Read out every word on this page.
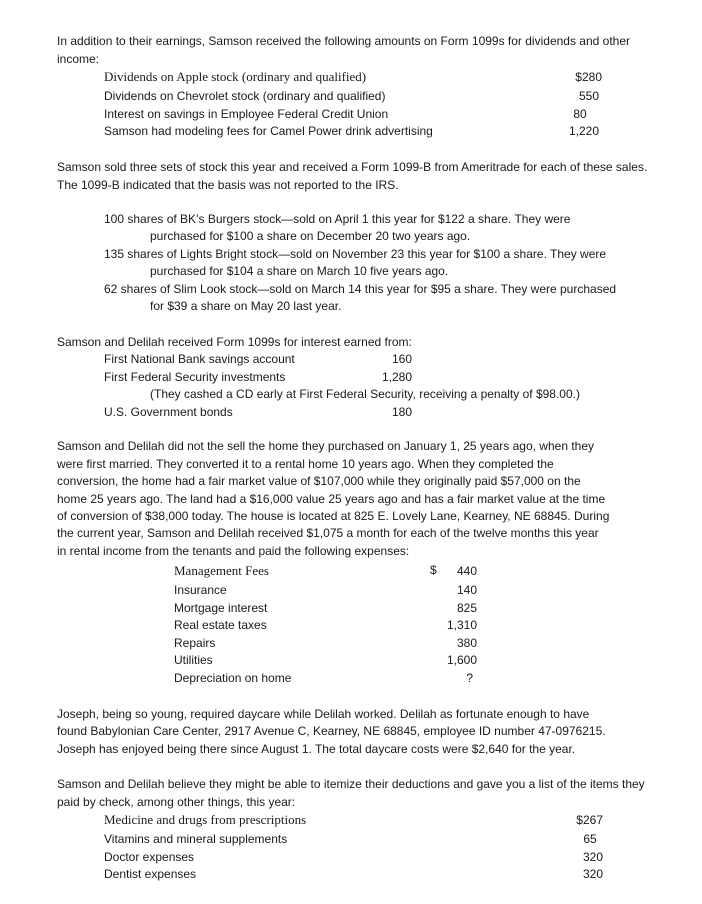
In addition to their earnings, Samson received the following amounts on Form 1099s for dividends and other income:
Dividends on Apple stock (ordinary and qualified)	$280
Dividends on Chevrolet stock (ordinary and qualified)	550
Interest on savings in Employee Federal Credit Union	80
Samson had modeling fees for Camel Power drink advertising	1,220
Samson sold three sets of stock this year and received a Form 1099-B from Ameritrade for each of these sales. The 1099-B indicated that the basis was not reported to the IRS.
100 shares of BK’s Burgers stock—sold on April 1 this year for $122 a share. They were
purchased for $100 a share on December 20 two years ago.
135 shares of Lights Bright stock—sold on November 23 this year for $100 a share. They were
purchased for $104 a share on March 10 five years ago.
62 shares of Slim Look stock—sold on March 14 this year for $95 a share. They were purchased
for $39 a share on May 20 last year.
Samson and Delilah received Form 1099s for interest earned from:
First National Bank savings account	160
First Federal Security investments	1,280
(They cashed a CD early at First Federal Security, receiving a penalty of $98.00.)
U.S. Government bonds	180
Samson and Delilah did not the sell the home they purchased on January 1, 25 years ago, when they
were first married. They converted it to a rental home 10 years ago. When they completed the
conversion, the home had a fair market value of $107,000 while they originally paid $57,000 on the
home 25 years ago. The land had a $16,000 value 25 years ago and has a fair market value at the time
of conversion of $38,000 today. The house is located at 825 E. Lovely Lane, Kearney, NE 68845. During
the current year, Samson and Delilah received $1,075 a month for each of the twelve months this year
in rental income from the tenants and paid the following expenses:
Management Fees	$	440
Insurance	140
Mortgage interest	825
Real estate taxes	1,310
Repairs	380
Utilities	1,600
Depreciation on home	?
Joseph, being so young, required daycare while Delilah worked. Delilah as fortunate enough to have
found Babylonian Care Center, 2917 Avenue C, Kearney, NE 68845, employee ID number 47-0976215.
Joseph has enjoyed being there since August 1. The total daycare costs were $2,640 for the year.
Samson and Delilah believe they might be able to itemize their deductions and gave you a list of the items they paid by check, among other things, this year:
Medicine and drugs from prescriptions	$267
Vitamins and mineral supplements	65
Doctor expenses	320
Dentist expenses	320
